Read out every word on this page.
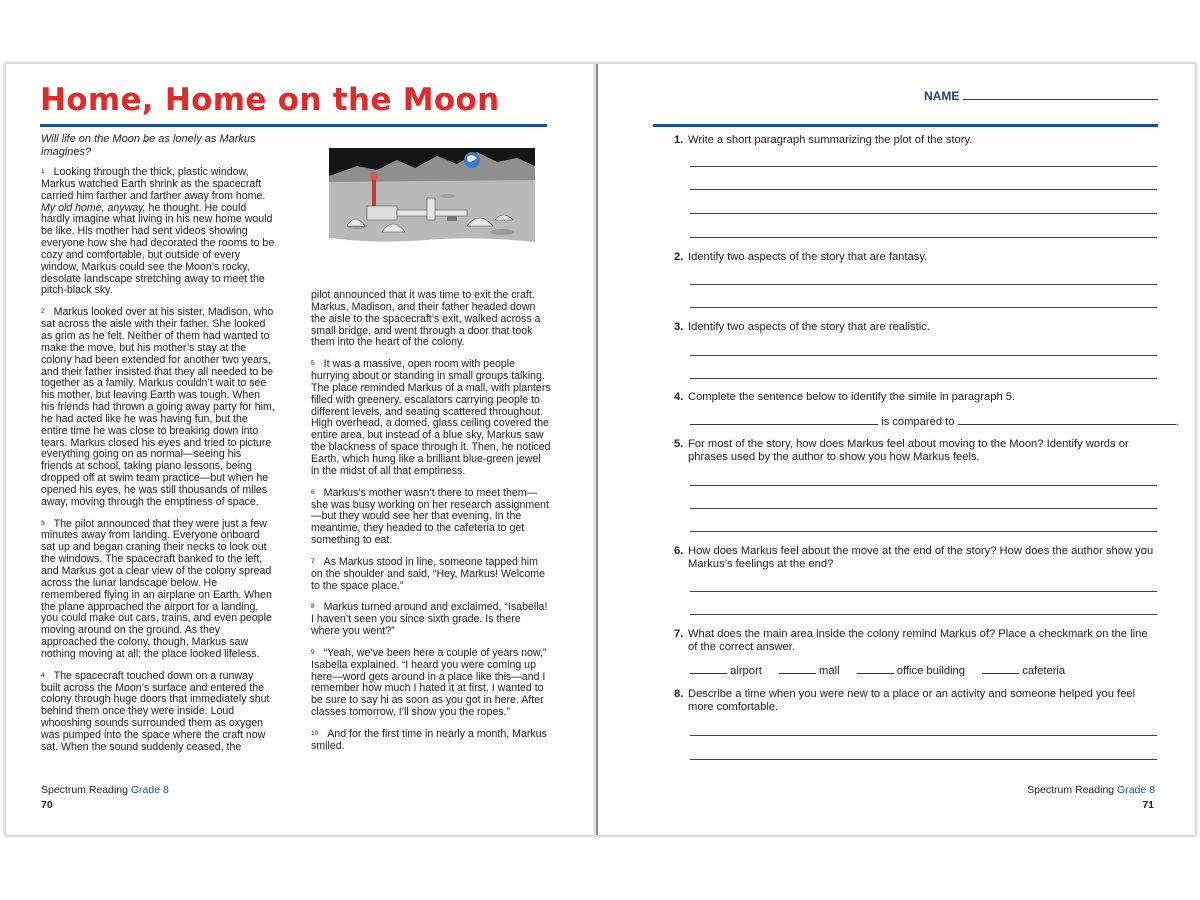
Home, Home on the Moon
Will life on the Moon be as lonely as Markus imagines?

$^1$ Looking through the thick, plastic window, Markus watched Earth shrink as the spacecraft carried him farther and farther away from home. My old home, anyway, he thought. He could hardly imagine what living in his new home would be like. His mother had sent videos showing everyone how she had decorated the rooms to be cozy and comfortable, but outside of every window, Markus could see the Moon’s rocky, desolate landscape stretching away to meet the pitch-black sky.

$^2$ Markus looked over at his sister, Madison, who sat across the aisle with their father. She looked as grim as he felt. Neither of them had wanted to make the move, but his mother’s stay at the colony had been extended for another two years, and their father insisted that they all needed to be together as a family. Markus couldn’t wait to see his mother, but leaving Earth was tough. When his friends had thrown a going away party for him, he had acted like he was having fun, but the entire time he was close to breaking down into tears. Markus closed his eyes and tried to picture everything going on as normal—seeing his friends at school, taking piano lessons, being dropped off at swim team practice—but when he opened his eyes, he was still thousands of miles away, moving through the emptiness of space.

$^3$ The pilot announced that they were just a few minutes away from landing. Everyone onboard sat up and began craning their necks to look out the windows. The spacecraft banked to the left, and Markus got a clear view of the colony spread across the lunar landscape below. He remembered flying in an airplane on Earth. When the plane approached the airport for a landing, you could make out cars, trains, and even people moving around on the ground. As they approached the colony, though, Markus saw nothing moving at all; the place looked lifeless.

$^4$ The spacecraft touched down on a runway built across the Moon’s surface and entered the colony through huge doors that immediately shut behind them once they were inside. Loud whooshing sounds surrounded them as oxygen was pumped into the space where the craft now sat. When the sound suddenly ceased, the

pilot announced that it was time to exit the craft. Markus, Madison, and their father headed down the aisle to the spacecraft’s exit, walked across a small bridge, and went through a door that took them into the heart of the colony.

$^5$ It was a massive, open room with people hurrying about or standing in small groups talking. The place reminded Markus of a mall, with planters filled with greenery, escalators carrying people to different levels, and seating scattered throughout. High overhead, a domed, glass ceiling covered the entire area, but instead of a blue sky, Markus saw the blackness of space through it. Then, he noticed Earth, which hung like a brilliant blue-green jewel in the midst of all that emptiness.

$^6$ Markus’s mother wasn’t there to meet them—she was busy working on her research assignment—but they would see her that evening. In the meantime, they headed to the cafeteria to get something to eat.

$^7$ As Markus stood in line, someone tapped him on the shoulder and said, “Hey, Markus! Welcome to the space place.”

$^8$ Markus turned around and exclaimed, “Isabella! I haven’t seen you since sixth grade. Is there where you went?”

$^9$ “Yeah, we’ve been here a couple of years now,” Isabella explained. “I heard you were coming up here—word gets around in a place like this—and I remember how much I hated it at first. I wanted to be sure to say hi as soon as you got in here. After classes tomorrow, I’ll show you the ropes.”

$^{10}$ And for the first time in nearly a month, Markus smiled.

Spectrum Reading Grade 8
70
NAME
1. Write a short paragraph summarizing the plot of the story.
2. Identify two aspects of the story that are fantasy.
3. Identify two aspects of the story that are realistic.
4. Complete the sentence below to identify the simile in paragraph 5.
is compared to	.
5. For most of the story, how does Markus feel about moving to the Moon? Identify words or phrases used by the author to show you how Markus feels.
6. How does Markus feel about the move at the end of the story? How does the author show you Markus’s feelings at the end?
7. What does the main area inside the colony remind Markus of? Place a checkmark on the line of the correct answer.
airport	mall	office building	cafeteria
8. Describe a time when you were new to a place or an activity and someone helped you feel more comfortable.
Spectrum Reading Grade 8
71
